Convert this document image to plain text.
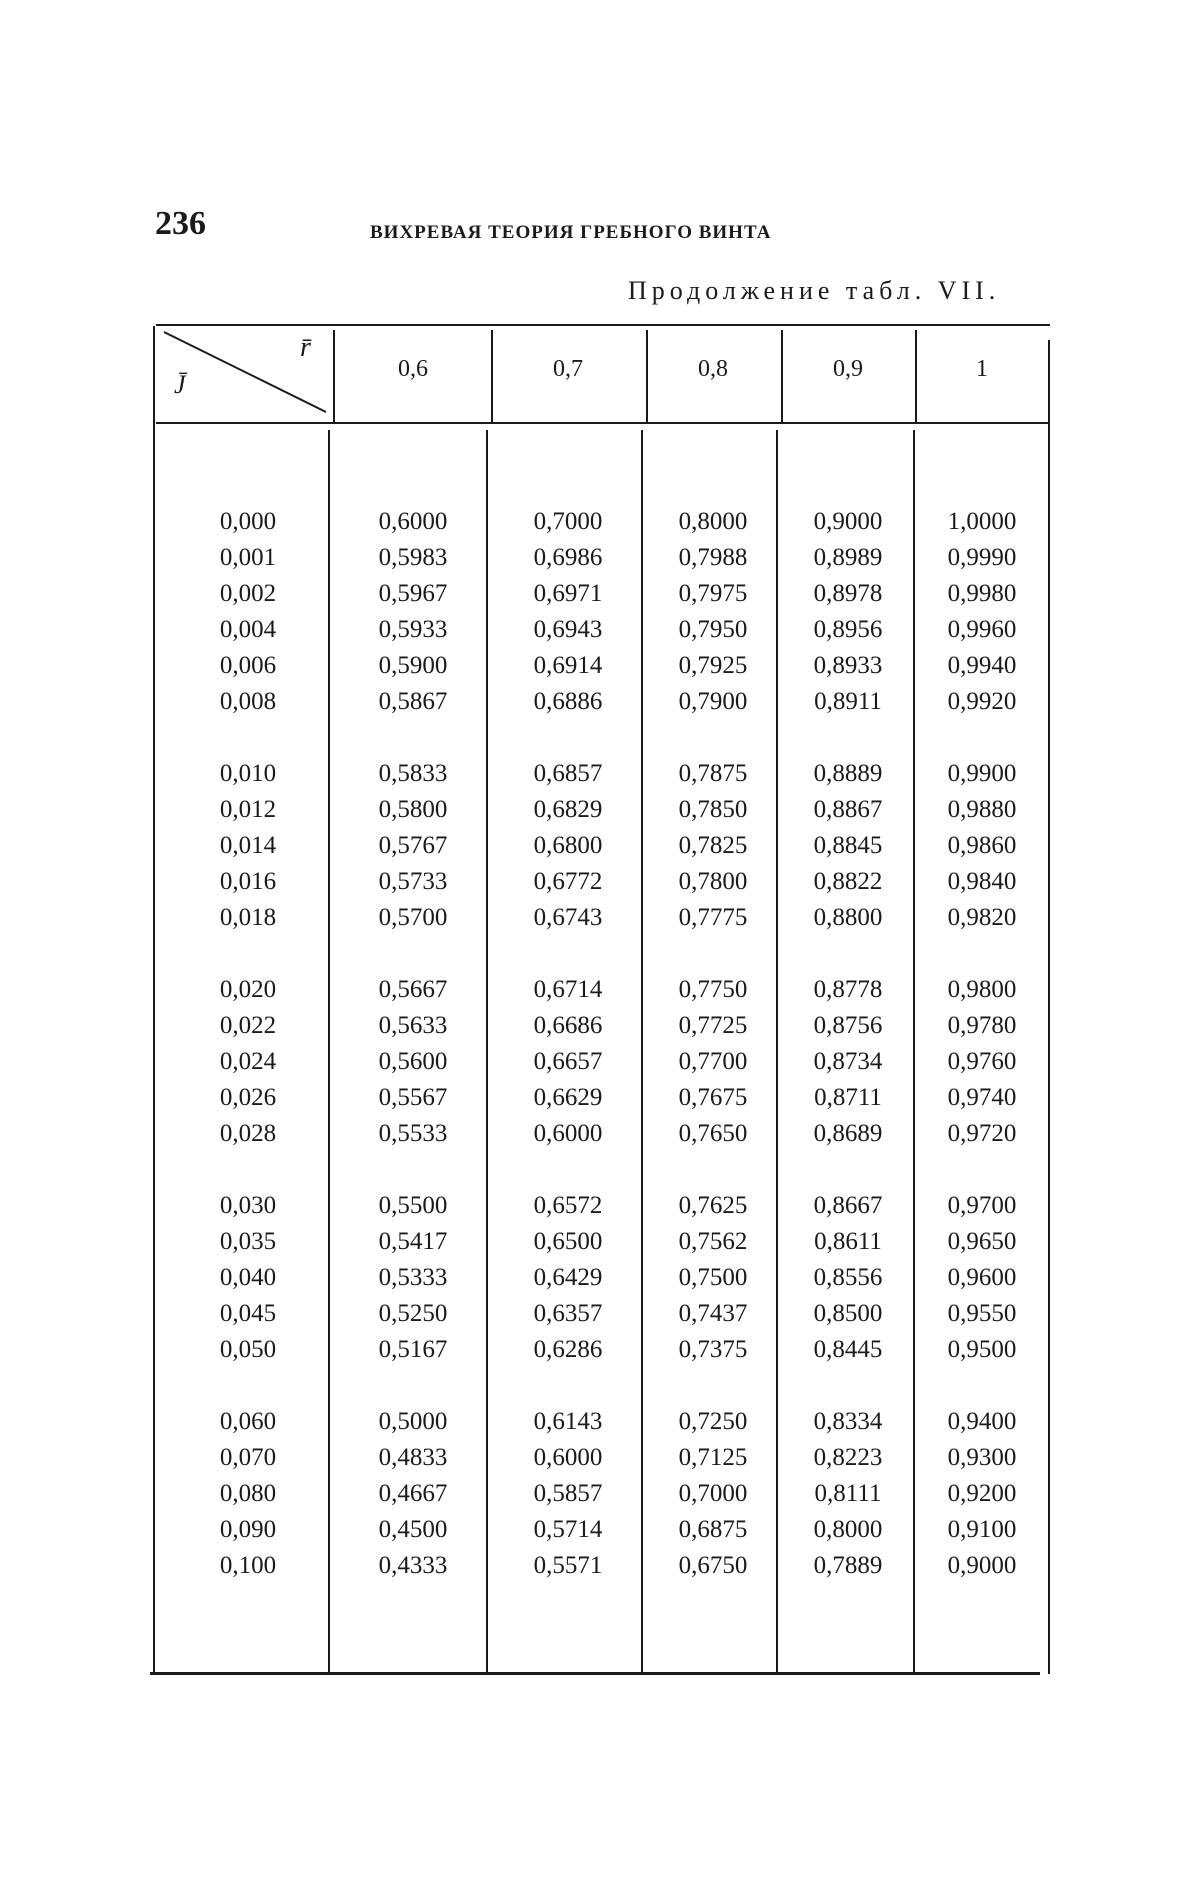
236	ВИХРЕВАЯ ТЕОРИЯ ГРЕБНОГО ВИНТА
Продолжение табл. VII.
r̄
J̄
0,6	0,7	0,8	0,9	1
0,000	0,6000	0,7000	0,8000	0,9000	1,0000
0,001	0,5983	0,6986	0,7988	0,8989	0,9990
0,002	0,5967	0,6971	0,7975	0,8978	0,9980
0,004	0,5933	0,6943	0,7950	0,8956	0,9960
0,006	0,5900	0,6914	0,7925	0,8933	0,9940
0,008	0,5867	0,6886	0,7900	0,8911	0,9920
0,010	0,5833	0,6857	0,7875	0,8889	0,9900
0,012	0,5800	0,6829	0,7850	0,8867	0,9880
0,014	0,5767	0,6800	0,7825	0,8845	0,9860
0,016	0,5733	0,6772	0,7800	0,8822	0,9840
0,018	0,5700	0,6743	0,7775	0,8800	0,9820
0,020	0,5667	0,6714	0,7750	0,8778	0,9800
0,022	0,5633	0,6686	0,7725	0,8756	0,9780
0,024	0,5600	0,6657	0,7700	0,8734	0,9760
0,026	0,5567	0,6629	0,7675	0,8711	0,9740
0,028	0,5533	0,6000	0,7650	0,8689	0,9720
0,030	0,5500	0,6572	0,7625	0,8667	0,9700
0,035	0,5417	0,6500	0,7562	0,8611	0,9650
0,040	0,5333	0,6429	0,7500	0,8556	0,9600
0,045	0,5250	0,6357	0,7437	0,8500	0,9550
0,050	0,5167	0,6286	0,7375	0,8445	0,9500
0,060	0,5000	0,6143	0,7250	0,8334	0,9400
0,070	0,4833	0,6000	0,7125	0,8223	0,9300
0,080	0,4667	0,5857	0,7000	0,8111	0,9200
0,090	0,4500	0,5714	0,6875	0,8000	0,9100
0,100	0,4333	0,5571	0,6750	0,7889	0,9000
